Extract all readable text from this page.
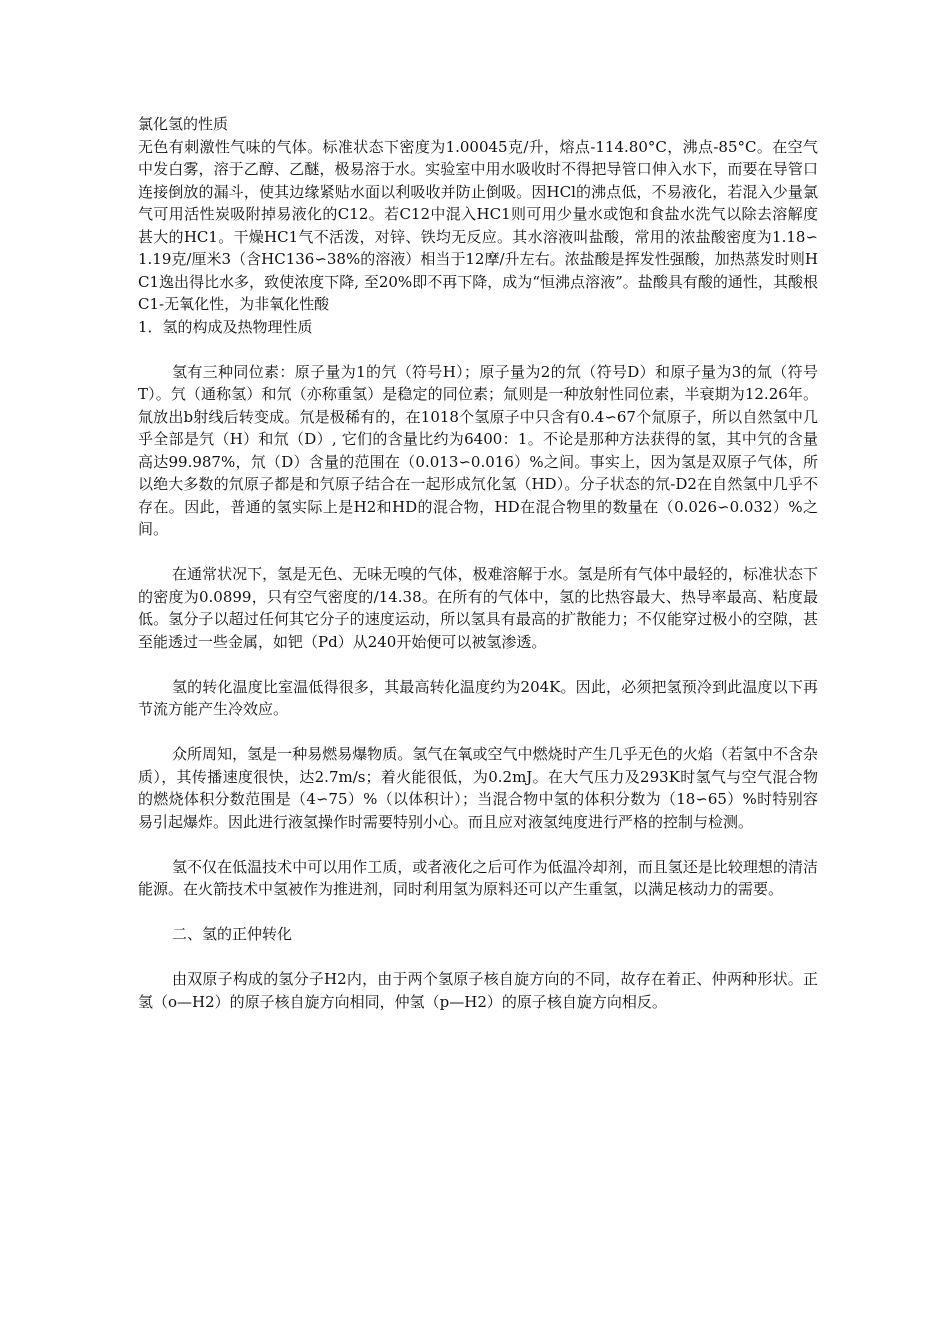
氯化氢的性质

无色有刺激性气味的气体。标准状态下密度为1.00045克/升，熔点-114.80°C，沸点-85°C。在空气中发白雾，溶于乙醇、乙醚，极易溶于水。实验室中用水吸收时不得把导管口伸入水下，而要在导管口连接倒放的漏斗，使其边缘紧贴水面以利吸收并防止倒吸。因HCl的沸点低，不易液化，若混入少量氯气可用活性炭吸附掉易液化的C12。若C12中混入HC1则可用少量水或饱和食盐水洗气以除去溶解度甚大的HC1。干燥HC1气不活泼，对锌、铁均无反应。其水溶液叫盐酸，常用的浓盐酸密度为1.18∽1.19克/厘米3（含HC136∽38%的溶液）相当于12摩/升左右。浓盐酸是挥发性强酸，加热蒸发时则HC1逸出得比水多，致使浓度下降, 至20%即不再下降，成为“恒沸点溶液”。盐酸具有酸的通性，其酸根C1-无氧化性，为非氧化性酸

1．氢的构成及热物理性质

氢有三种同位素：原子量为1的氕（符号H）；原子量为2的氘（符号D）和原子量为3的氚（符号T）。氕（通称氢）和氘（亦称重氢）是稳定的同位素；氚则是一种放射性同位素，半衰期为12.26年。氚放出b射线后转变成。氘是极稀有的，在1018个氢原子中只含有0.4∽67个氚原子，所以自然氢中几乎全部是氕（H）和氘（D）, 它们的含量比约为6400：1。不论是那种方法获得的氢，其中氕的含量高达99.987%，氘（D）含量的范围在（0.013∽0.016）%之间。事实上，因为氢是双原子气体，所以绝大多数的氘原子都是和氕原子结合在一起形成氘化氢（HD）。分子状态的氘-D2在自然氢中几乎不存在。因此，普通的氢实际上是H2和HD的混合物，HD在混合物里的数量在（0.026∽0.032）%之间。

在通常状况下，氢是无色、无味无嗅的气体，极难溶解于水。氢是所有气体中最轻的，标准状态下的密度为0.0899，只有空气密度的/14.38。在所有的气体中，氢的比热容最大、热导率最高、粘度最低。氢分子以超过任何其它分子的速度运动，所以氢具有最高的扩散能力；不仅能穿过极小的空隙，甚至能透过一些金属，如钯（Pd）从240开始便可以被氢渗透。

氢的转化温度比室温低得很多，其最高转化温度约为204K。因此，必须把氢预冷到此温度以下再节流方能产生冷效应。

众所周知，氢是一种易燃易爆物质。氢气在氧或空气中燃烧时产生几乎无色的火焰（若氢中不含杂质），其传播速度很快，达2.7m/s；着火能很低，为0.2mJ。在大气压力及293K时氢气与空气混合物的燃烧体积分数范围是（4∽75）%（以体积计）；当混合物中氢的体积分数为（18∽65）%时特别容易引起爆炸。因此进行液氢操作时需要特别小心。而且应对液氢纯度进行严格的控制与检测。

氢不仅在低温技术中可以用作工质，或者液化之后可作为低温冷却剂，而且氢还是比较理想的清洁能源。在火箭技术中氢被作为推进剂，同时利用氢为原料还可以产生重氢，以满足核动力的需要。

二、氢的正仲转化

由双原子构成的氢分子H2内，由于两个氢原子核自旋方向的不同，故存在着正、仲两种形状。正氢（o—H2）的原子核自旋方向相同，仲氢（p—H2）的原子核自旋方向相反。
